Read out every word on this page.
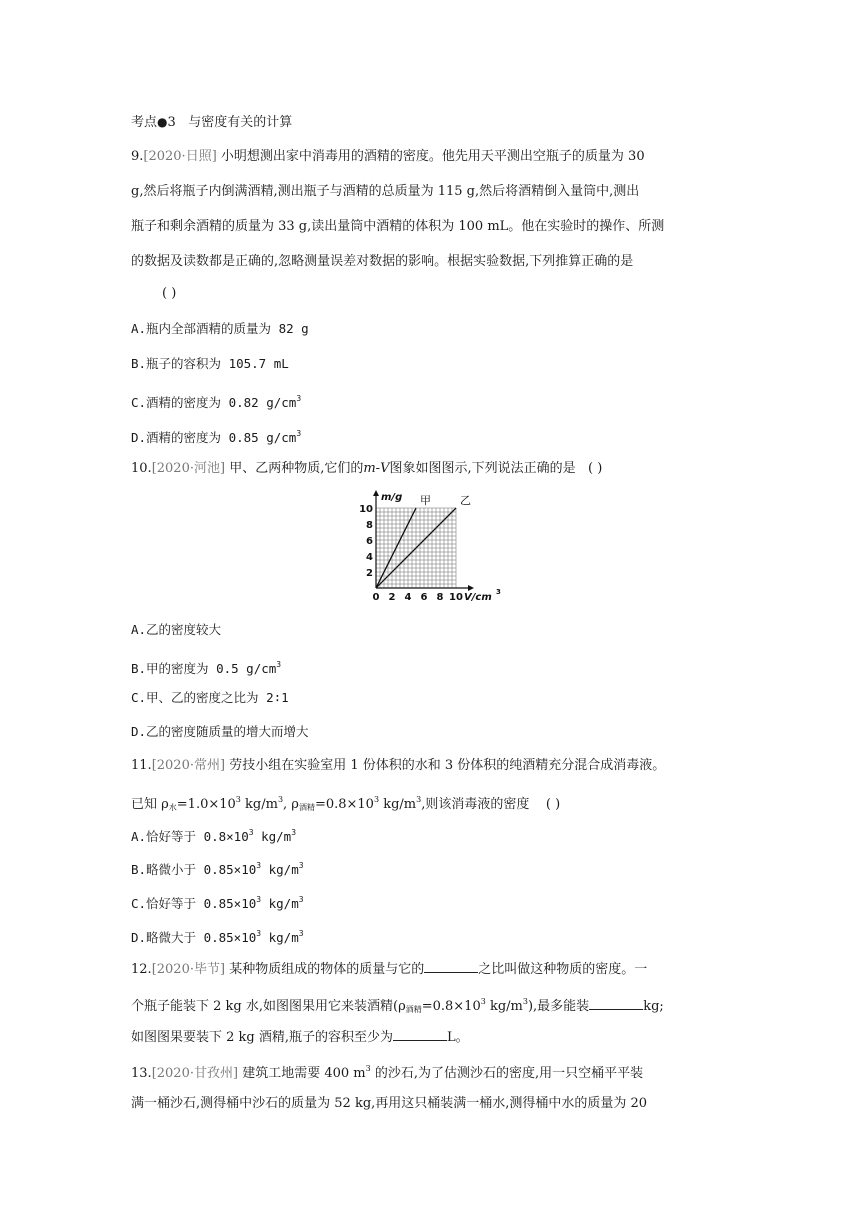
考点●3 与密度有关的计算
9.[2020·日照] 小明想测出家中消毒用的酒精的密度。他先用天平测出空瓶子的质量为 30
g,然后将瓶子内倒满酒精,测出瓶子与酒精的总质量为 115 g,然后将酒精倒入量筒中,测出
瓶子和剩余酒精的质量为 33 g,读出量筒中酒精的体积为 100 mL。他在实验时的操作、所测
的数据及读数都是正确的,忽略测量误差对数据的影响。根据实验数据,下列推算正确的是
( )
A.瓶内全部酒精的质量为 82 g
B.瓶子的容积为 105.7 mL
C.酒精的密度为 0.82 $g/cm^3$
D.酒精的密度为 0.85 $g/cm^3$
10.[2020·河池] 甲、乙两种物质,它们的m-V图象如图图示,下列说法正确的是 ( )
甲	乙
0 2 4 6 8 10
2
4
6
8
10
m/g
V/cm 3
A.乙的密度较大
B.甲的密度为 0.5 $g/cm^3$
C.甲、乙的密度之比为 2∶1
D.乙的密度随质量的增大而增大
11.[2020·常州] 劳技小组在实验室用 1 份体积的水和 3 份体积的纯酒精充分混合成消毒液。
已知 $\rho_水=1.0\times 10^3$ $kg/m^3$, $\rho_{酒精}=0.8\times 10^3$ $kg/m^3$,则该消毒液的密度 ( )
A.恰好等于 $0.8\times 10^3$ $kg/m^3$
B.略微小于 $0.85\times 10^3$ $kg/m^3$
C.恰好等于 $0.85\times 10^3$ $kg/m^3$
D.略微大于 $0.85\times 10^3$ $kg/m^3$
12.[2020·毕节] 某种物质组成的物体的质量与它的	之比叫做这种物质的密度。一
个瓶子能装下 2 kg 水,如图图果用它来装酒精($\rho_{酒精}=0.8\times 10^3$ $kg/m^3$),最多能装	kg;
如图图果要装下 2 kg 酒精,瓶子的容积至少为	L。
13.[2020·甘孜州] 建筑工地需要 400 $m^3$ 的沙石,为了估测沙石的密度,用一只空桶平平装
满一桶沙石,测得桶中沙石的质量为 52 kg,再用这只桶装满一桶水,测得桶中水的质量为 20
